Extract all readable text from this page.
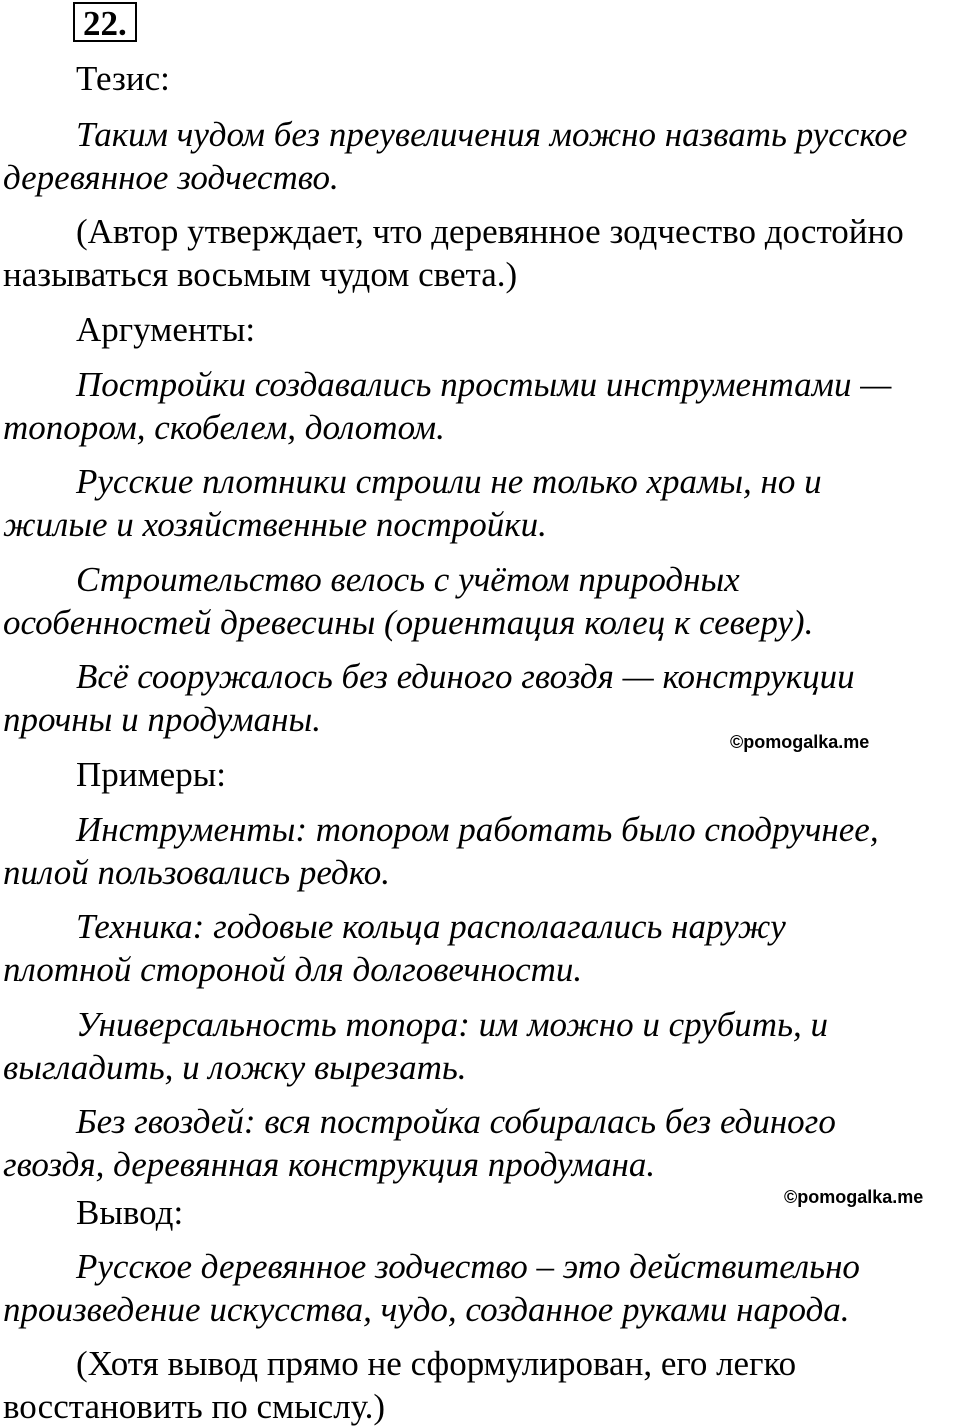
22.
Тезис:
Таким чудом без преувеличения можно назвать русское
деревянное зодчество.
(Автор утверждает, что деревянное зодчество достойно
называться восьмым чудом света.)
Аргументы:
Постройки создавались простыми инструментами —
топором, скобелем, долотом.
Русские плотники строили не только храмы, но и
жилые и хозяйственные постройки.
Строительство велось с учётом природных
особенностей древесины (ориентация колец к северу).
Всё сооружалось без единого гвоздя — конструкции
прочны и продуманы.
©pomogalka.me
Примеры:
Инструменты: топором работать было сподручнее,
пилой пользовались редко.
Техника: годовые кольца располагались наружу
плотной стороной для долговечности.
Универсальность топора: им можно и срубить, и
выгладить, и ложку вырезать.
Без гвоздей: вся постройка собиралась без единого
гвоздя, деревянная конструкция продумана.
©pomogalka.me
Вывод:
Русское деревянное зодчество – это действительно
произведение искусства, чудо, созданное руками народа.
(Хотя вывод прямо не сформулирован, его легко
восстановить по смыслу.)
